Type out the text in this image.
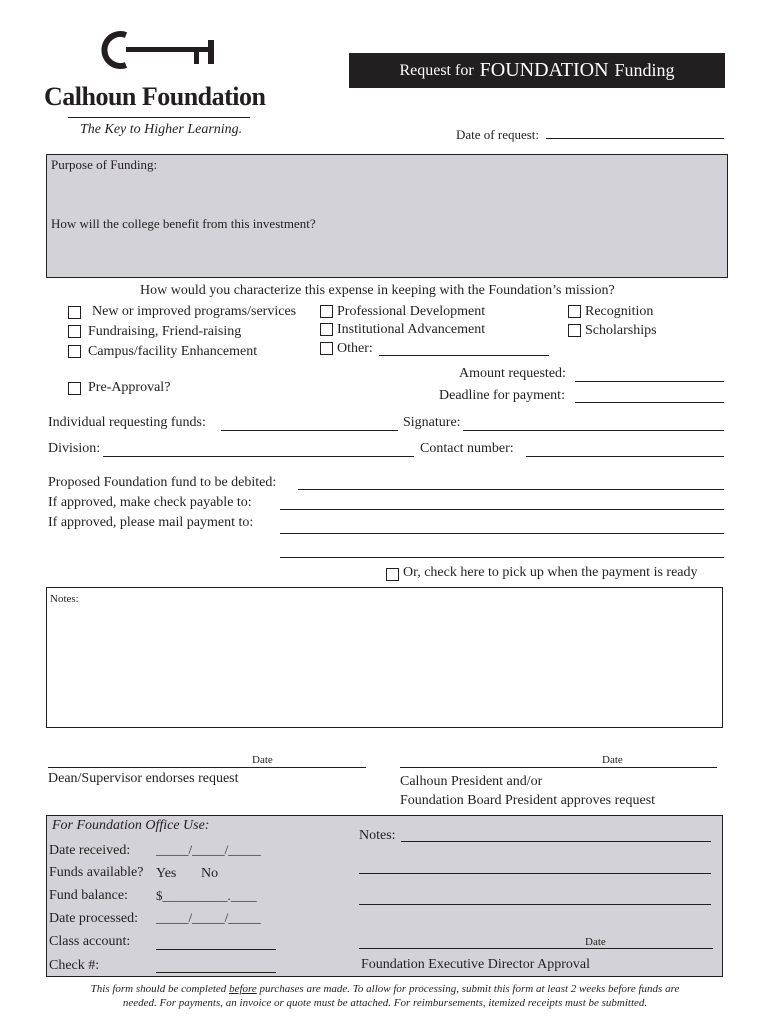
Calhoun Foundation
The Key to Higher Learning.
Request for FOUNDATION Funding
Date of request:
Purpose of Funding:
How will the college benefit from this investment?
How would you characterize this expense in keeping with the Foundation’s mission?
New or improved programs/services
Fundraising, Friend-raising
Campus/facility Enhancement
Professional Development
Institutional Advancement
Other:
Recognition
Scholarships
Pre-Approval?
Amount requested:
Deadline for payment:
Individual requesting funds:	Signature:
Division:	Contact number:
Proposed Foundation fund to be debited:
If approved, make check payable to:
If approved, please mail payment to:
Or, check here to pick up when the payment is ready
Notes:
Date
Dean/Supervisor endorses request
Date
Calhoun President and/or
Foundation Board President approves request
For Foundation Office Use:
Date received: _____/_____/_____
Funds available? Yes No
Fund balance: $__________.____
Date processed: _____/_____/_____
Class account:
Check #:
Notes:
Date
Foundation Executive Director Approval
This form should be completed before purchases are made. To allow for processing, submit this form at least 2 weeks before funds are
needed. For payments, an invoice or quote must be attached. For reimbursements, itemized receipts must be submitted.
